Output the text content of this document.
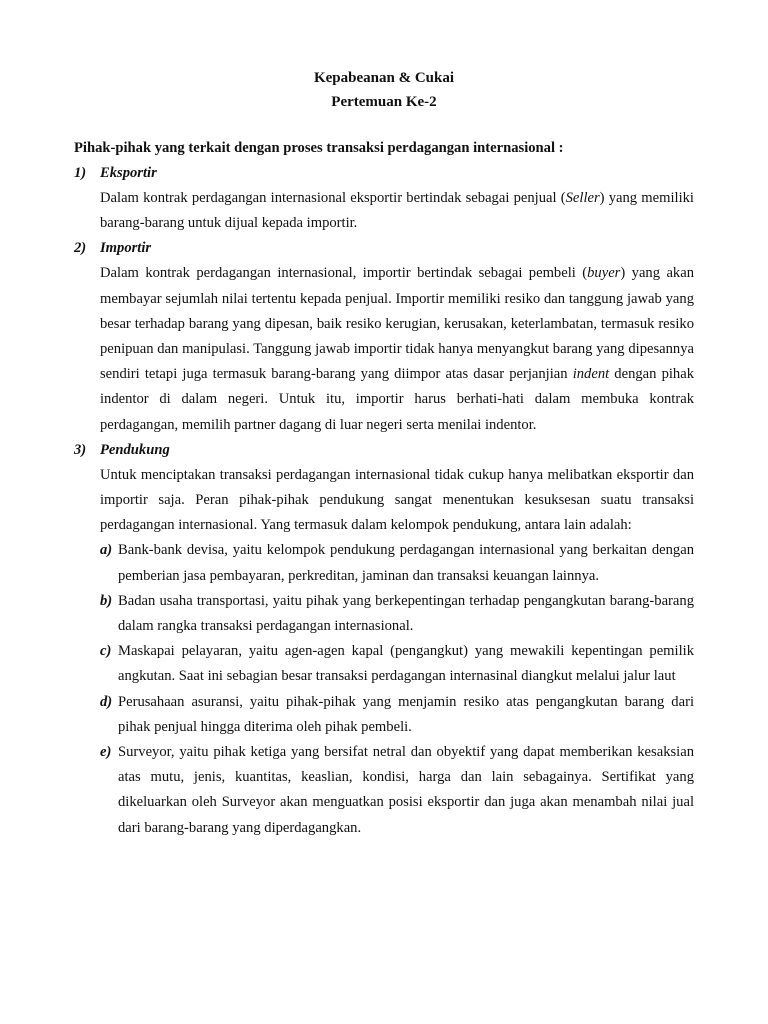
Kepabeanan & Cukai
Pertemuan Ke-2
Pihak-pihak yang terkait dengan proses transaksi perdagangan internasional :
1) Eksportir
Dalam kontrak perdagangan internasional eksportir bertindak sebagai penjual (Seller) yang memiliki barang-barang untuk dijual kepada importir.
2) Importir
Dalam kontrak perdagangan internasional, importir bertindak sebagai pembeli (buyer) yang akan membayar sejumlah nilai tertentu kepada penjual. Importir memiliki resiko dan tanggung jawab yang besar terhadap barang yang dipesan, baik resiko kerugian, kerusakan, keterlambatan, termasuk resiko penipuan dan manipulasi. Tanggung jawab importir tidak hanya menyangkut barang yang dipesannya sendiri tetapi juga termasuk barang-barang yang diimpor atas dasar perjanjian indent dengan pihak indentor di dalam negeri. Untuk itu, importir harus berhati-hati dalam membuka kontrak perdagangan, memilih partner dagang di luar negeri serta menilai indentor.
3) Pendukung
Untuk menciptakan transaksi perdagangan internasional tidak cukup hanya melibatkan eksportir dan importir saja. Peran pihak-pihak pendukung sangat menentukan kesuksesan suatu transaksi perdagangan internasional. Yang termasuk dalam kelompok pendukung, antara lain adalah:
a) Bank-bank devisa, yaitu kelompok pendukung perdagangan internasional yang berkaitan dengan pemberian jasa pembayaran, perkreditan, jaminan dan transaksi keuangan lainnya.
b) Badan usaha transportasi, yaitu pihak yang berkepentingan terhadap pengangkutan barang-barang dalam rangka transaksi perdagangan internasional.
c) Maskapai pelayaran, yaitu agen-agen kapal (pengangkut) yang mewakili kepentingan pemilik angkutan. Saat ini sebagian besar transaksi perdagangan internasinal diangkut melalui jalur laut
d) Perusahaan asuransi, yaitu pihak-pihak yang menjamin resiko atas pengangkutan barang dari pihak penjual hingga diterima oleh pihak pembeli.
e) Surveyor, yaitu pihak ketiga yang bersifat netral dan obyektif yang dapat memberikan kesaksian atas mutu, jenis, kuantitas, keaslian, kondisi, harga dan lain sebagainya. Sertifikat yang dikeluarkan oleh Surveyor akan menguatkan posisi eksportir dan juga akan menambah nilai jual dari barang-barang yang diperdagangkan.
